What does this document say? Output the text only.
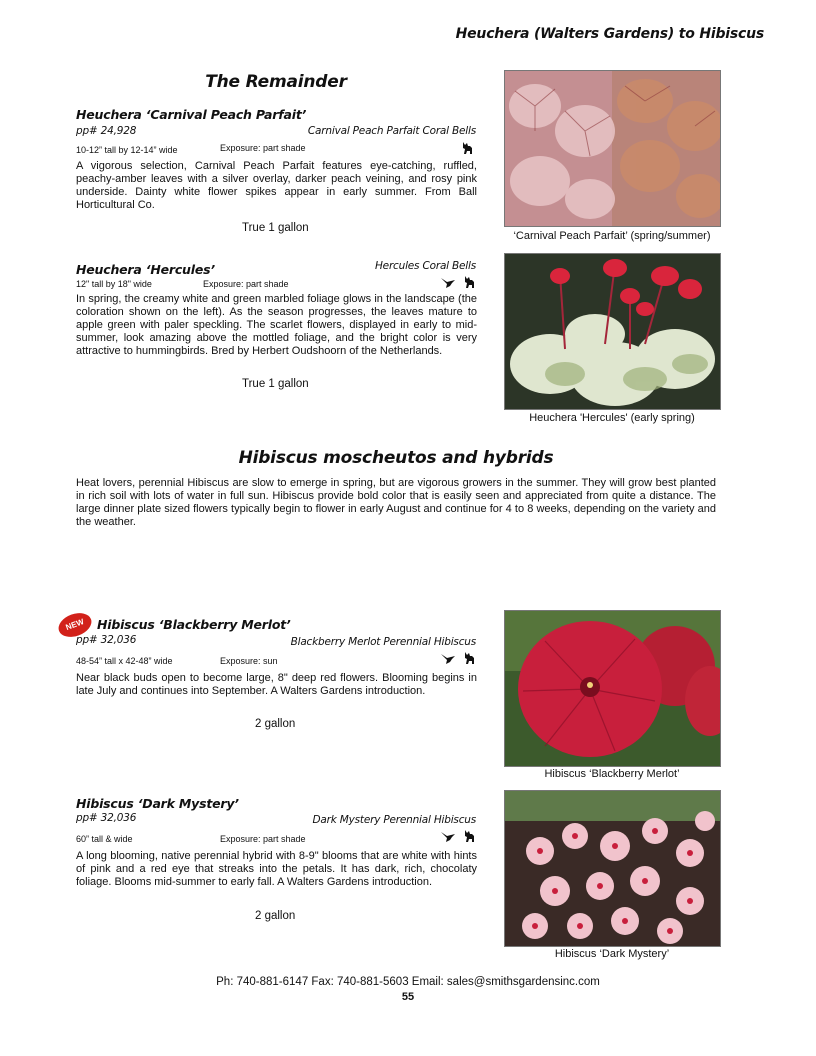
Heuchera (Walters Gardens) to Hibiscus
The Remainder
Heuchera ‘Carnival Peach Parfait’
pp# 24,928	Carnival Peach Parfait Coral Bells
10-12” tall by 12-14” wide	Exposure: part shade
A vigorous selection, Carnival Peach Parfait features eye-catching, ruffled, peachy-amber leaves with a silver overlay, darker peach veining, and rosy pink underside. Dainty white flower spikes appear in early summer. From Ball Horticultural Co.
True 1 gallon
‘Carnival Peach Parfait’ (spring/summer)
Heuchera ‘Hercules’	Hercules Coral Bells
12" tall by 18" wide	Exposure: part shade

In spring, the creamy white and green marbled foliage glows in the landscape (the coloration shown on the left). As the season progresses, the leaves mature to apple green with paler speckling. The scarlet flowers, displayed in early to mid-summer, look amazing above the mottled foliage, and the bright color is very attractive to hummingbirds. Bred by Herbert Oudshoorn of the Netherlands.
True 1 gallon
Heuchera 'Hercules' (early spring)
Hibiscus moscheutos and hybrids
Heat lovers, perennial Hibiscus are slow to emerge in spring, but are vigorous growers in the summer. They will grow best planted in rich soil with lots of water in full sun. Hibiscus provide bold color that is easily seen and appreciated from quite a distance. The large dinner plate sized flowers typically begin to flower in early August and continue for 4 to 8 weeks, depending on the variety and the weather.
NEW Hibiscus ‘Blackberry Merlot’
pp# 32,036	Blackberry Merlot Perennial Hibiscus
48-54” tall x 42-48” wide	Exposure: sun

Near black buds open to become large, 8" deep red flowers. Blooming begins in late July and continues into September. A Walters Gardens introduction.
2 gallon
Hibiscus ‘Blackberry Merlot’
Hibiscus ‘Dark Mystery’
pp# 32,036	Dark Mystery Perennial Hibiscus
60” tall & wide	Exposure: part shade

A long blooming, native perennial hybrid with 8-9" blooms that are white with hints of pink and a red eye that streaks into the petals. It has dark, rich, chocolaty foliage. Blooms mid-summer to early fall. A Walters Gardens introduction.
2 gallon
Hibiscus ‘Dark Mystery’
Ph: 740-881-6147 Fax: 740-881-5603 Email: sales@smithsgardensinc.com
55
